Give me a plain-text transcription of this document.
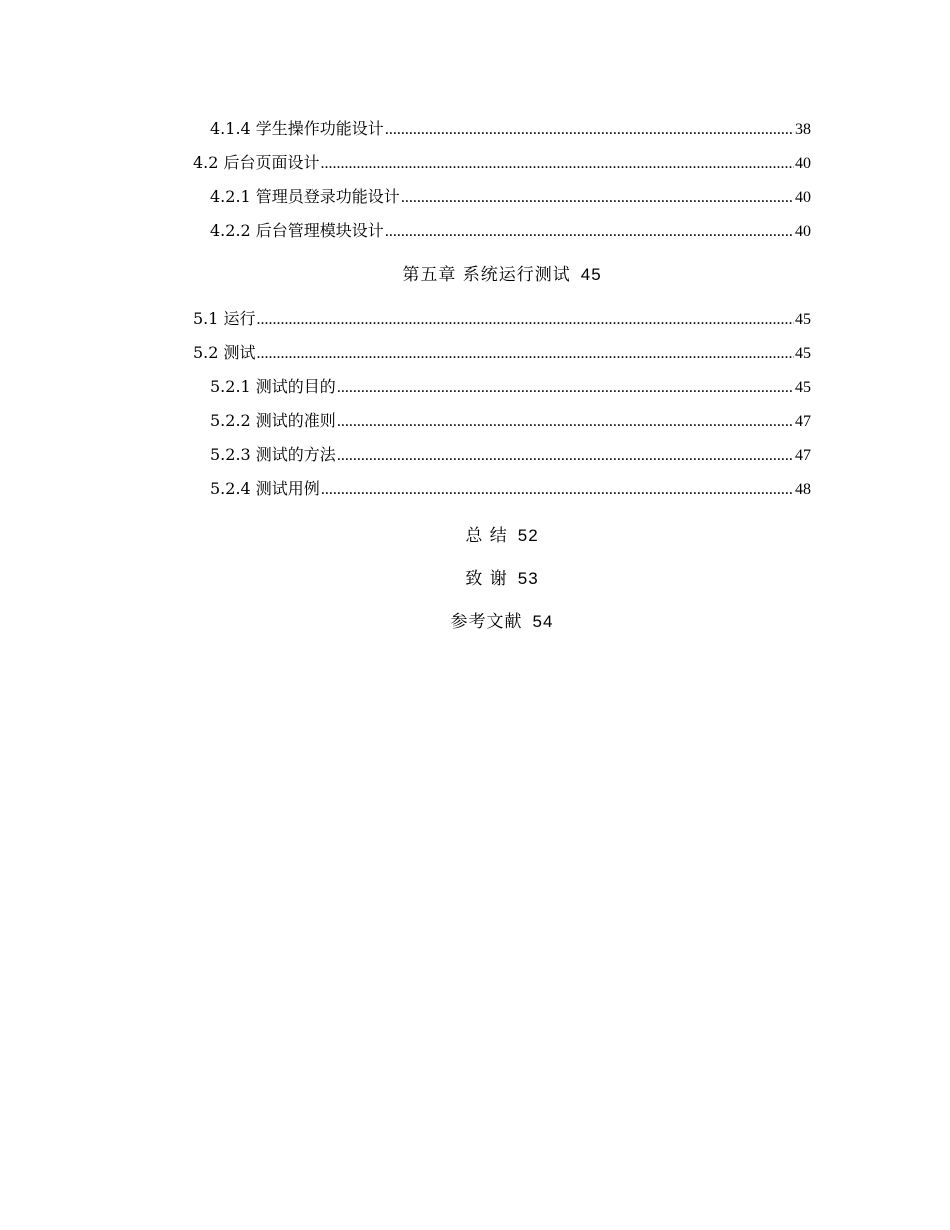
4.1.4 学生操作功能设计 .....	38
4.2 后台页面设计 .....	40
4.2.1 管理员登录功能设计 .....	40
4.2.2 后台管理模块设计 .....	40
第五章 系统运行测试 45
5.1 运行 .....	45
5.2 测试 .....	45
5.2.1 测试的目的 .....	45
5.2.2 测试的准则 .....	47
5.2.3 测试的方法 .....	47
5.2.4 测试用例 .....	48
总 结 52
致 谢 53
参考文献 54
